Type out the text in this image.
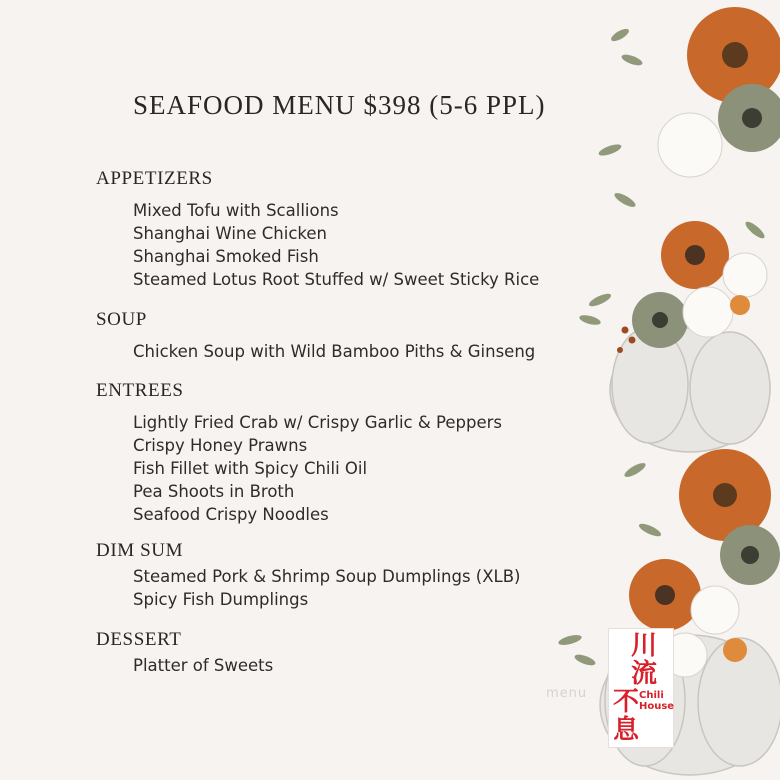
SEAFOOD MENU $398 (5-6 PPL)
APPETIZERS
Mixed Tofu with Scallions
Shanghai Wine Chicken
Shanghai Smoked Fish
Steamed Lotus Root Stuffed w/ Sweet Sticky Rice
SOUP
Chicken Soup with Wild Bamboo Piths & Ginseng
ENTREES
Lightly Fried Crab w/ Crispy Garlic & Peppers
Crispy Honey Prawns
Fish Fillet with Spicy Chili Oil
Pea Shoots in Broth
Seafood Crispy Noodles
DIM SUM
Steamed Pork & Shrimp Soup Dumplings (XLB)
Spicy Fish Dumplings
DESSERT
Platter of Sweets
menu
川
流
不
息
Chili
House
